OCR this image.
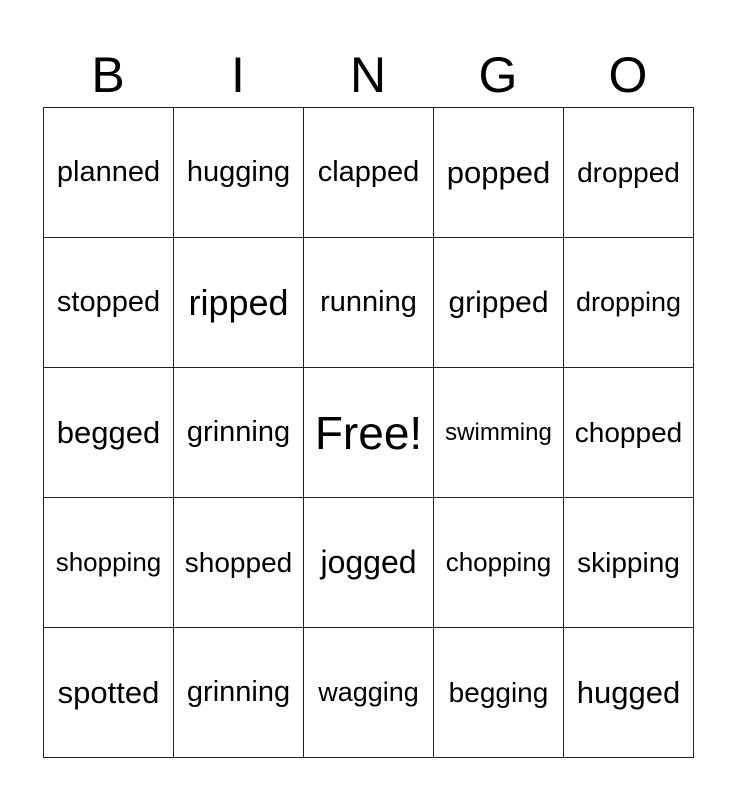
B	I	N	G	O
planned hugging clapped popped dropped
stopped ripped	running	gripped	dropping
begged grinning Free! swimming chopped
shopping shopped jogged	chopping skipping
spotted grinning	wagging	begging hugged
